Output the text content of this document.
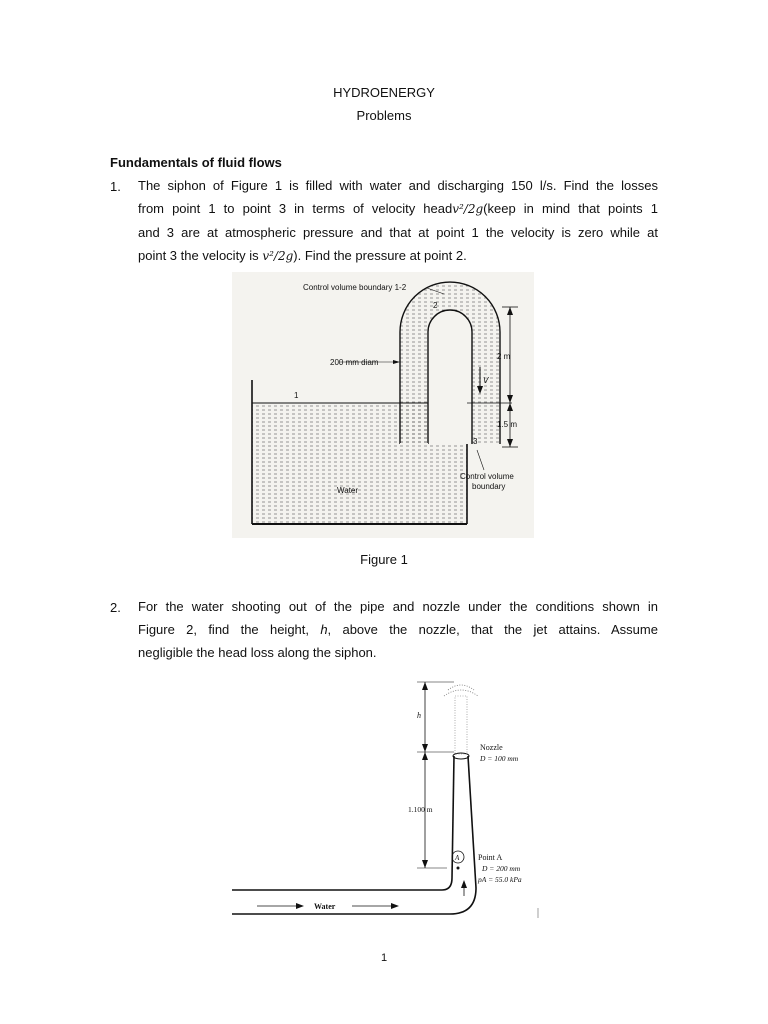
HYDROENERGY
Problems
Fundamentals of fluid flows
1. The siphon of Figure 1 is filled with water and discharging 150 l/s. Find the losses
from point 1 to point 3 in terms of velocity headv²/2g(keep in mind that points 1
and 3 are at atmospheric pressure and that at point 1 the velocity is zero while at
point 3 the velocity is v²/2g). Find the pressure at point 2.
Control volume boundary 1-2
200 mm diam
2 m
1.5 m
Control volume
boundary
Water
1
2
3
V
Figure 1
2. For the water shooting out of the pipe and nozzle under the conditions shown in
Figure 2, find the height, h, above the nozzle, that the jet attains. Assume
negligible the head loss along the siphon.
h
Nozzle
D = 100 mm
1.100 m
A Point A
D = 200 mm
pA = 55.0 kPa
Water
1
